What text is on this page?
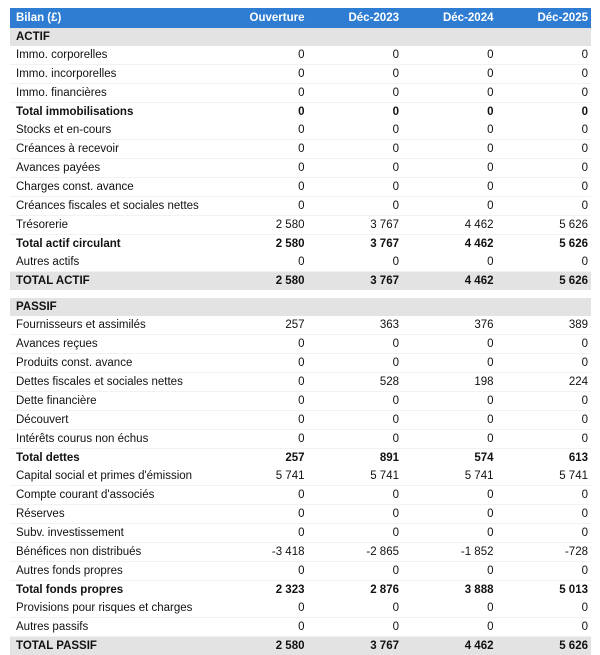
Bilan (£)	Ouverture	Déc-2023	Déc-2024	Déc-2025
ACTIF				
Immo. corporelles	0	0	0	0
Immo. incorporelles	0	0	0	0
Immo. financières	0	0	0	0
Total immobilisations	0	0	0	0
Stocks et en-cours	0	0	0	0
Créances à recevoir	0	0	0	0
Avances payées	0	0	0	0
Charges const. avance	0	0	0	0
Créances fiscales et sociales nettes	0	0	0	0
Trésorerie	2 580	3 767	4 462	5 626
Total actif circulant	2 580	3 767	4 462	5 626
Autres actifs	0	0	0	0
TOTAL ACTIF	2 580	3 767	4 462	5 626

PASSIF				
Fournisseurs et assimilés	257	363	376	389
Avances reçues	0	0	0	0
Produits const. avance	0	0	0	0
Dettes fiscales et sociales nettes	0	528	198	224
Dette financière	0	0	0	0
Découvert	0	0	0	0
Intérêts courus non échus	0	0	0	0
Total dettes	257	891	574	613
Capital social et primes d'émission	5 741	5 741	5 741	5 741
Compte courant d'associés	0	0	0	0
Réserves	0	0	0	0
Subv. investissement	0	0	0	0
Bénéfices non distribués	-3 418	-2 865	-1 852	-728
Autres fonds propres	0	0	0	0
Total fonds propres	2 323	2 876	3 888	5 013
Provisions pour risques et charges	0	0	0	0
Autres passifs	0	0	0	0
TOTAL PASSIF	2 580	3 767	4 462	5 626
